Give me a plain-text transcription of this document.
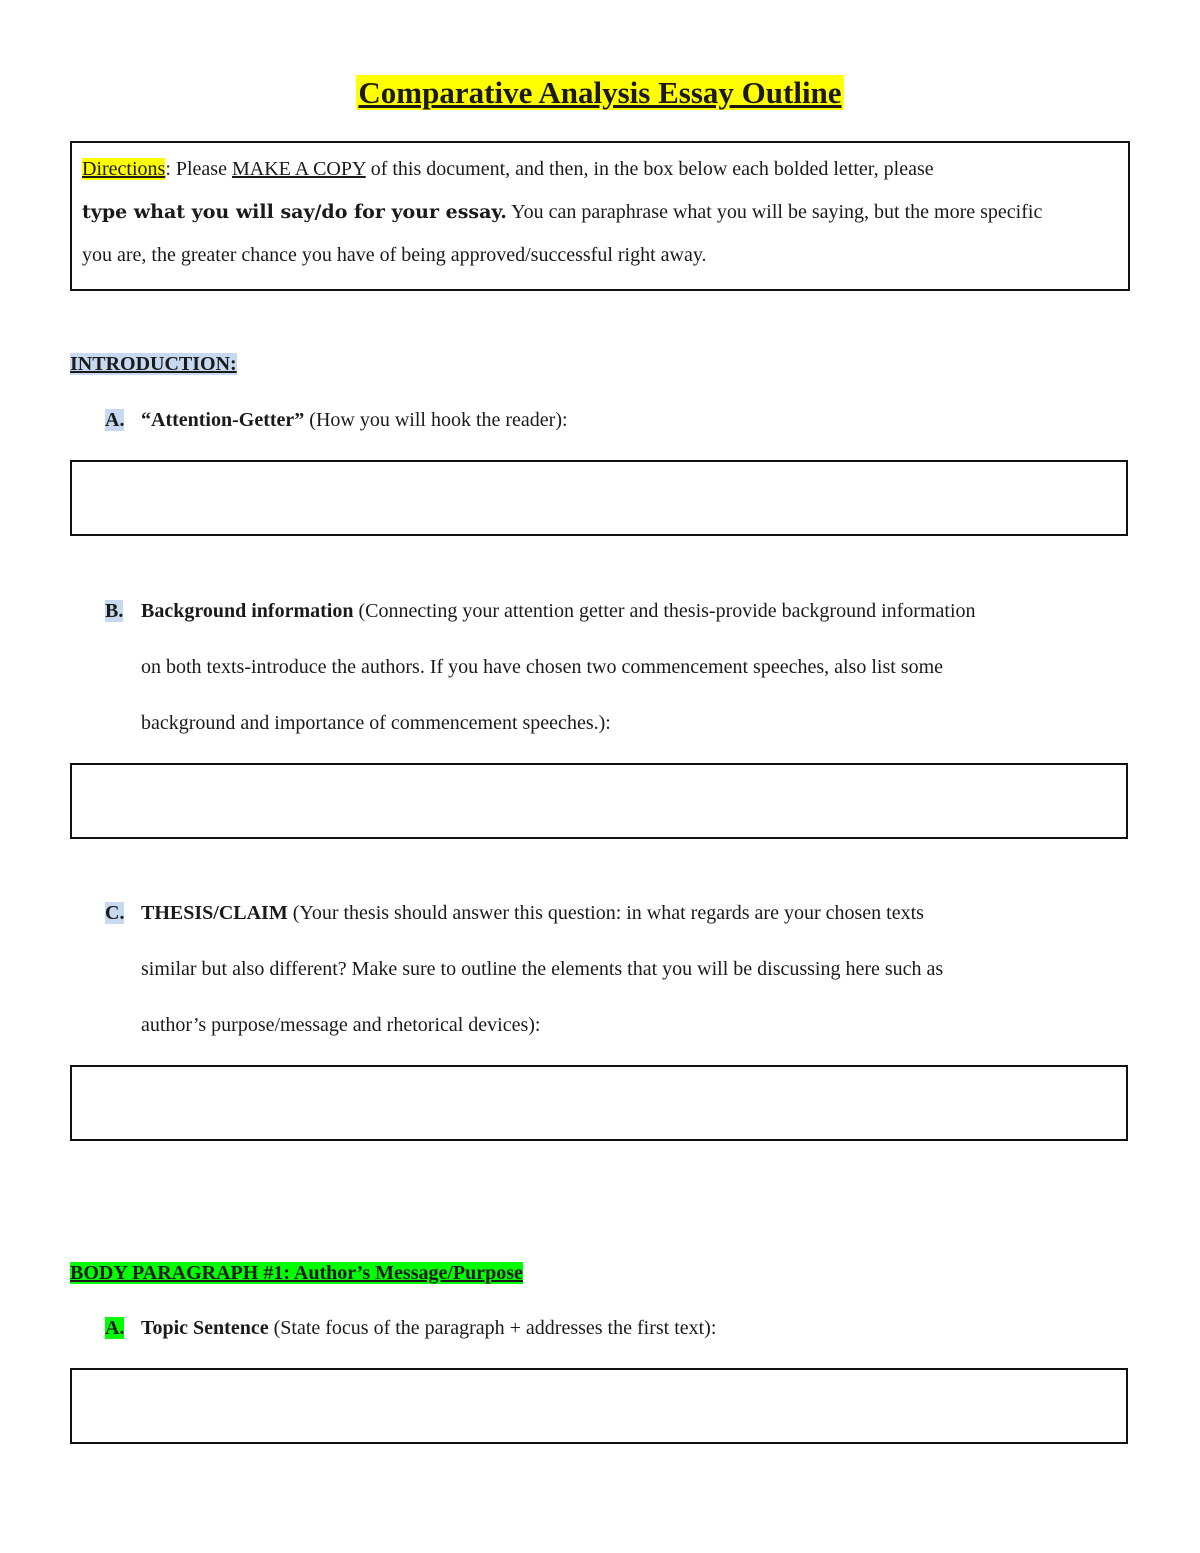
Comparative Analysis Essay Outline
Directions: Please MAKE A COPY of this document, and then, in the box below each bolded letter, please
type what you will say/do for your essay. You can paraphrase what you will be saying, but the more specific
you are, the greater chance you have of being approved/successful right away.
INTRODUCTION:
A. “Attention-Getter” (How you will hook the reader):
B. Background information (Connecting your attention getter and thesis-provide background information
on both texts-introduce the authors. If you have chosen two commencement speeches, also list some
background and importance of commencement speeches.):
C. THESIS/CLAIM (Your thesis should answer this question: in what regards are your chosen texts
similar but also different? Make sure to outline the elements that you will be discussing here such as
author’s purpose/message and rhetorical devices):
BODY PARAGRAPH #1: Author’s Message/Purpose
A. Topic Sentence (State focus of the paragraph + addresses the first text):
